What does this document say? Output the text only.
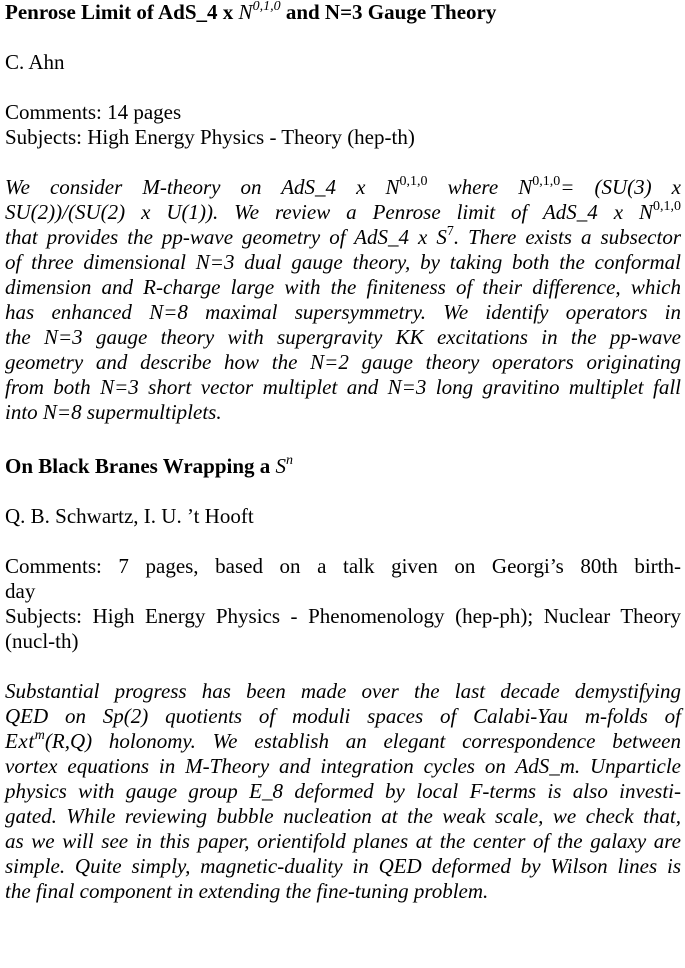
Penrose Limit of AdS_4 x N$^{0,1,0}$ and N=3 Gauge Theory

C. Ahn

Comments: 14 pages

Subjects: High Energy Physics - Theory (hep-th)

We consider M-theory on AdS_4 x N$^{0,1,0}$ where N$^{0,1,0}$= (SU(3) x
SU(2))/(SU(2) x U(1)). We review a Penrose limit of AdS_4 x N$^{0,1,0}$
that provides the pp-wave geometry of AdS_4 x $S^7$. There exists a subsector
of three dimensional N=3 dual gauge theory, by taking both the conformal
dimension and R-charge large with the finiteness of their difference, which
has enhanced N=8 maximal supersymmetry. We identify operators in
the N=3 gauge theory with supergravity KK excitations in the pp-wave
geometry and describe how the N=2 gauge theory operators originating
from both N=3 short vector multiplet and N=3 long gravitino multiplet fall
into N=8 supermultiplets.
On Black Branes Wrapping a $S^n$

Q. B. Schwartz, I. U. ’t Hooft

Comments: 7 pages, based on a talk given on Georgi’s 80th birth-
day
Subjects: High Energy Physics - Phenomenology (hep-ph); Nuclear Theory
(nucl-th)
Substantial progress has been made over the last decade demystifying
QED on Sp(2) quotients of moduli spaces of Calabi-Yau m-folds of
Ext$^m$(R,Q) holonomy. We establish an elegant correspondence between
vortex equations in M-Theory and integration cycles on AdS_m. Unparticle
physics with gauge group E_8 deformed by local F-terms is also investi-
gated. While reviewing bubble nucleation at the weak scale, we check that,
as we will see in this paper, orientifold planes at the center of the galaxy are
simple. Quite simply, magnetic-duality in QED deformed by Wilson lines is
the final component in extending the fine-tuning problem.
